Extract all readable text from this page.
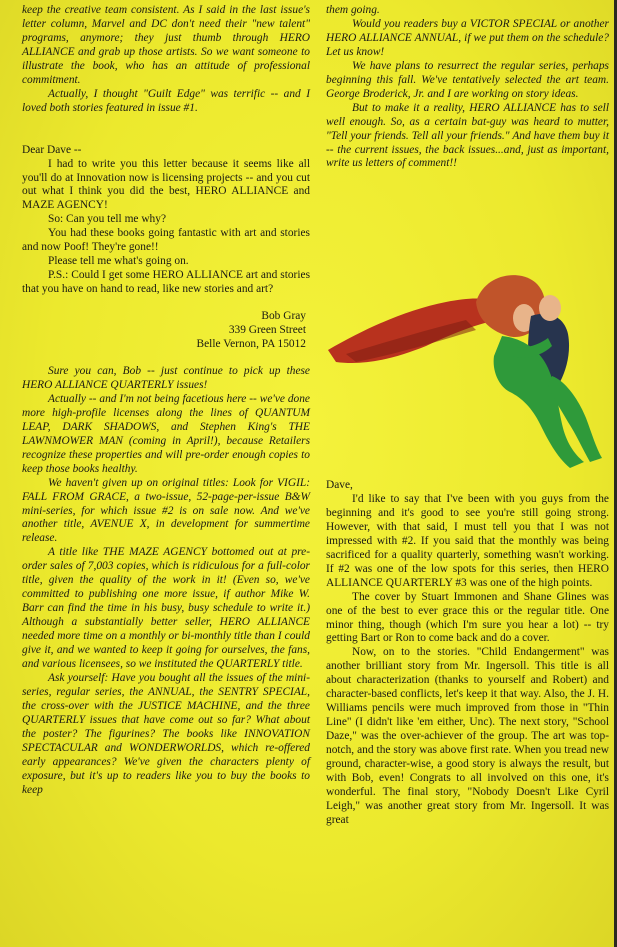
keep the creative team consistent. As I said in the last issue's letter column, Marvel and DC don't need their "new talent" programs, anymore; they just thumb through HERO ALLIANCE and grab up those artists. So we want someone to illustrate the book, who has an attitude of professional commitment.

Actually, I thought "Guilt Edge" was terrific -- and I loved both stories featured in issue #1.

Dear Dave --

I had to write you this letter because it seems like all you'll do at Innovation now is licensing projects -- and you cut out what I think you did the best, HERO ALLIANCE and MAZE AGENCY!

So: Can you tell me why?

You had these books going fantastic with art and stories and now Poof! They're gone!!

Please tell me what's going on.

P.S.: Could I get some HERO ALLIANCE art and stories that you have on hand to read, like new stories and art?

Bob Gray

339 Green Street

Belle Vernon, PA 15012

Sure you can, Bob -- just continue to pick up these HERO ALLIANCE QUARTERLY issues!

Actually -- and I'm not being facetious here -- we've done more high-profile licenses along the lines of QUANTUM LEAP, DARK SHADOWS, and Stephen King's THE LAWNMOWER MAN (coming in April!), because Retailers recognize these properties and will pre-order enough copies to keep those books healthy.

We haven't given up on original titles: Look for VIGIL: FALL FROM GRACE, a two-issue, 52-page-per-issue B&W mini-series, for which issue #2 is on sale now. And we've another title, AVENUE X, in development for summertime release.

A title like THE MAZE AGENCY bottomed out at pre-order sales of 7,003 copies, which is ridiculous for a full-color title, given the quality of the work in it! (Even so, we've committed to publishing one more issue, if author Mike W. Barr can find the time in his busy, busy schedule to write it.) Although a substantially better seller, HERO ALLIANCE needed more time on a monthly or bi-monthly title than I could give it, and we wanted to keep it going for ourselves, the fans, and various licensees, so we instituted the QUARTERLY title.

Ask yourself: Have you bought all the issues of the mini-series, regular series, the ANNUAL, the SENTRY SPECIAL, the cross-over with the JUSTICE MACHINE, and the three QUARTERLY issues that have come out so far? What about the poster? The figurines? The books like INNOVATION SPECTACULAR and WONDERWORLDS, which re-offered early appearances? We've given the characters plenty of exposure, but it's up to readers like you to buy the books to keep

them going.

Would you readers buy a VICTOR SPECIAL or another HERO ALLIANCE ANNUAL, if we put them on the schedule? Let us know!

We have plans to resurrect the regular series, perhaps beginning this fall. We've tentatively selected the art team. George Broderick, Jr. and I are working on story ideas.

But to make it a reality, HERO ALLIANCE has to sell well enough. So, as a certain bat-guy was heard to mutter, "Tell your friends. Tell all your friends." And have them buy it -- the current issues, the back issues...and, just as important, write us letters of comment!!

Dave,

I'd like to say that I've been with you guys from the beginning and it's good to see you're still going strong. However, with that said, I must tell you that I was not impressed with #2. If you said that the monthly was being sacrificed for a quality quarterly, something wasn't working. If #2 was one of the low spots for this series, then HERO ALLIANCE QUARTERLY #3 was one of the high points.

The cover by Stuart Immonen and Shane Glines was one of the best to ever grace this or the regular title. One minor thing, though (which I'm sure you hear a lot) -- try getting Bart or Ron to come back and do a cover.

Now, on to the stories. "Child Endangerment" was another brilliant story from Mr. Ingersoll. This title is all about characterization (thanks to yourself and Robert) and character-based conflicts, let's keep it that way. Also, the J. H. Williams pencils were much improved from those in "Thin Line" (I didn't like 'em either, Unc). The next story, "School Daze," was the over-achiever of the group. The art was top-notch, and the story was above first rate. When you tread new ground, character-wise, a good story is always the result, but with Bob, even! Congrats to all involved on this one, it's wonderful. The final story, "Nobody Doesn't Like Cyril Leigh," was another great story from Mr. Ingersoll. It was great
